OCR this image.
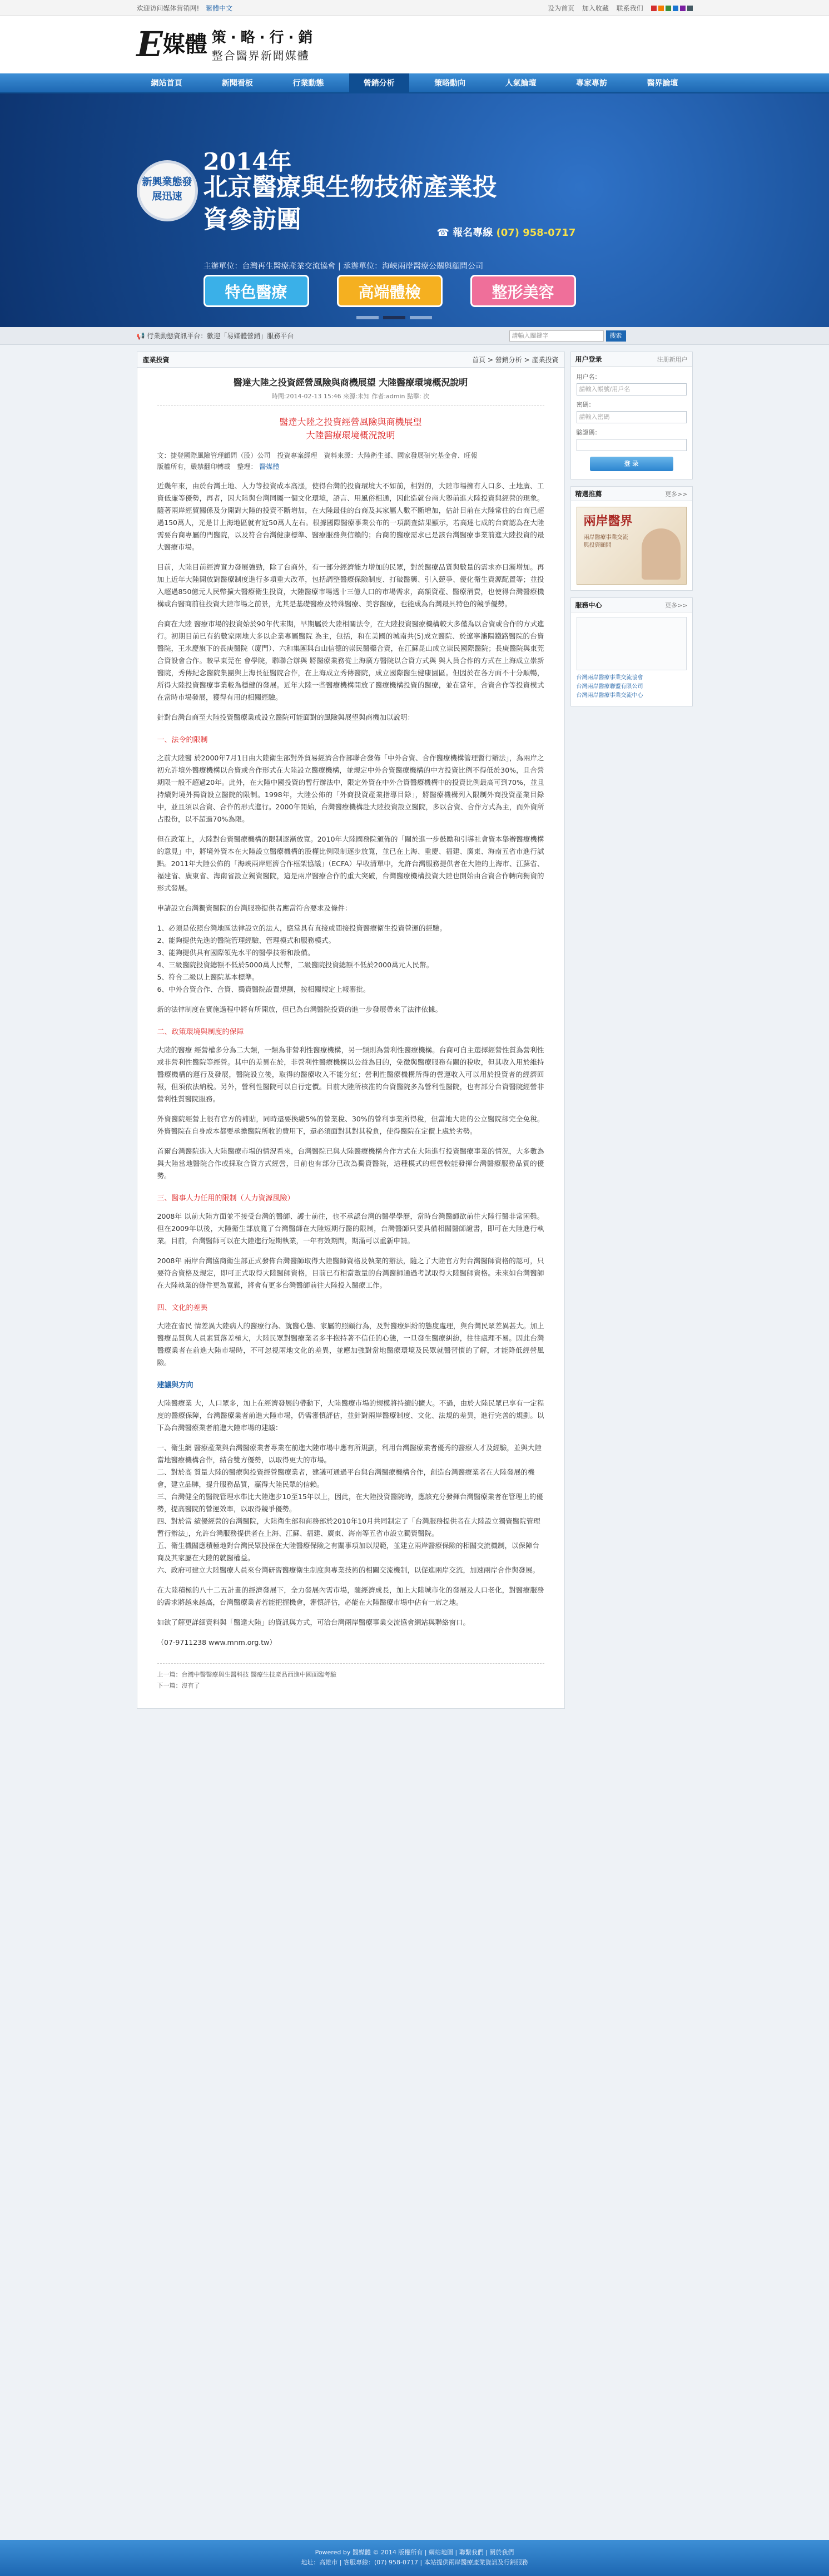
欢迎访问媒体营销网! 繁體中文	设为首页 加入收藏 联系我们
E 媒體 策·略·行·銷
整合醫界新聞媒體
網站首頁	新聞看板	行業動態	營銷分析	策略動向	人氣論壇	專家專訪	醫界論壇
新興業態發展迅速
2014年
北京醫療與生物技術產業投資參訪團	☎ 報名專線 (07) 958-0717
主辦單位：台灣再生醫療產業交流協會 | 承辦單位：海峽兩岸醫療公關與顧問公司
特色醫療	高端體檢	整形美容
📢 行業動態資訊平台：歡迎「易媒體營銷」服務平台	請輸入關鍵字	搜索
產業投資	首頁 > 營銷分析 > 產業投資
醫達大陸之投資經營風險與商機展望 大陸醫療環境概況說明
時間:2014-02-13 15:46 來源:未知 作者:admin 點擊: 次
醫達大陸之投資經營風險與商機展望
大陸醫療環境概況說明
文：捷登國際風險管理顧問（股）公司　投資專案經理　資料來源：大陸衛生部、國家發展研究基金會、旺報
版權所有，嚴禁翻印轉載　整理： 醫媒體

近幾年來，由於台灣土地、人力等投資成本高漲，使得台灣的投資環境大不如前，相對的，大陸市場擁有人口多、土地廣、工資低廉等優勢，再者，因大陸與台灣同屬一個文化環境，語言、用風俗相通，因此造就台商大舉前進大陸投資與經營的現象。隨著兩岸經貿關係及分開對大陸的投資不斷增加，在大陸最佳的台商及其家屬人數不斷增加，估計目前在大陸常住的台商已超過150萬人，光是廿上海地區就有近50萬人左右。根據國際醫療事業公布的一項調查結果顯示，若高達七成的台商認為在大陸需要台商專屬的門醫院，以及符合台灣健康標準、醫療服務與信賴的；台商的醫療需求已是該台灣醫療事業前進大陸投資的最大醫療市場。

目前，大陸目前經濟實力發展強勁，除了台商外，有一部分經濟能力增加的民眾，對於醫療品質與數量的需求亦日漸增加。再加上近年大陸開放對醫療制度進行多項重大改革，包括調整醫療保險制度、打破醫藥、引入競爭、優化衛生資源配置等；並投入超過850億元人民幣擴大醫療衛生投資，大陸醫療市場透十三億人口的市場需求，高額資產、醫療消費，也使得台灣醫療機構或台醫商前往投資大陸市場之前景，尤其是基礎醫療及特殊醫療、美容醫療，也能成為台灣最具特色的競爭優勢。

台商在大陸 醫療市場的投資始於90年代末期，早期屬於大陸相關法令，在大陸投資醫療機構較大多僅為以合資或合作的方式進行。初期目前已有約數家兩地大多以企業專屬醫院 為主，包括，和在美國的城南共(5)成立醫院、於遼寧瀋陽鐵路醫院的台資醫院，王永慶旗下的長庚醫院（廈門）、六和集團與台山信德的崇民醫藥合資，在江蘇昆山成立崇民國際醫院；長庚醫院與東莞合資設會合作。較早東莞在 會學院，聯聯合辦與 將醫療業務從上海廣方醫院以合資方式與 與人員合作的方式在上海成立崇新醫院，秀傳紀念醫院集團與上海長征醫院合作，在上海成立秀傳醫院，成立國際醫生健康園區。但因於在各方面不十分順暢，所得大陸投資醫療事業較為穩健的發展。近年大陸一些醫療機構開放了醫療機構投資的醫療，並在當年，合資合作等投資模式在當時市場發展，獲得有用的相關經驗。

針對台灣台商至大陸投資醫療業或設立醫院可能面對的風險與展望與商機加以說明：

一、法令的限制

之前大陸醫 於2000年7月1日由大陸衛生部對外貿易經濟合作部聯合發佈「中外合資、合作醫療機構管理暫行辦法」，為兩岸之初允許境外醫療機構以合資或合作形式在大陸設立醫療機構，並規定中外合資醫療機構的中方投資比例不得低於30%，且合營期限一般不超過20年。此外，在大陸中國投資的暫行辦法中，限定外資在中外合資醫療機構中的投資比例最高可到70%，並且持續對境外獨資設立醫院的限制。1998年，大陸公佈的「外商投資產業指導目錄」，將醫療機構列入限制外商投資產業目錄中，並且須以合資、合作的形式進行。2000年開始，台灣醫療機構赴大陸投資設立醫院，多以合資、合作方式為主，而外資所占股份，以不超過70%為限。

但在政策上，大陸對台資醫療機構的限制逐漸放寬。2010年大陸國務院頒佈的「關於進一步鼓勵和引導社會資本舉辦醫療機構的意見」中，將境外資本在大陸設立醫療機構的股權比例限制逐步放寬，並已在上海、重慶、福建、廣東、海南五省市進行試點。2011年大陸公佈的「海峽兩岸經濟合作框架協議」（ECFA）早收清單中，允許台灣服務提供者在大陸的上海市、江蘇省、福建省、廣東省、海南省設立獨資醫院，這是兩岸醫療合作的重大突破，台灣醫療機構投資大陸也開始由合資合作轉向獨資的形式發展。

申請設立台灣獨資醫院的台灣服務提供者應當符合要求及條件：

1、必須是依照台灣地區法律設立的法人，應當具有直接或間接投資醫療衛生投資營運的經驗。
2、能夠提供先進的醫院管理經驗、管理模式和服務模式。
3、能夠提供具有國際領先水平的醫學技術和設備。
4、三級醫院投資總額不低於5000萬人民幣，二級醫院投資總額不低於2000萬元人民幣。
5、符合二級以上醫院基本標準。
6、中外合資合作、合資、獨資醫院設置規劃，按相關規定上報審批。

新的法律制度在實施過程中將有所開放，但已為台灣醫院投資的進一步發展帶來了法律依據。

二、政策環境與制度的保障

大陸的醫療 經營權多分為二大類，一類為非營利性醫療機構，另一類則為營利性醫療機構。台商可自主選擇經營性質為營利性或非營利性醫院等經營。其中的差異在於，非營利性醫療機構以公益為目的，免徵與醫療服務有關的稅收，但其收入用於維持醫療機構的運行及發展，醫院設立後，取得的醫療收入不能分紅；營利性醫療機構所得的營運收入可以用於投資者的經濟回報，但須依法納稅。另外，營利性醫院可以自行定價。目前大陸所核准的台資醫院多為營利性醫院，也有部分台資醫院經營非營利性質醫院服務。

外資醫院經營上很有官方的補貼，同時還要換繳5%的營業稅、30%的營利事業所得稅，但當地大陸的公立醫院卻完全免稅。外資醫院在自身成本都要承擔醫院所收的費用下，還必須面對其對其稅負，使得醫院在定價上處於劣勢。

首爾台灣醫院進入大陸醫療市場的情況看來，台灣醫院已與大陸醫療機構合作方式在大陸進行投資醫療事業的情況，大多數為與大陸當地醫院合作或採取合資方式經營，目前也有部分已改為獨資醫院，這種模式的經營較能發揮台灣醫療服務品質的優勢。

三、醫事人力任用的限制（人力資源風險）

2008年 以前大陸方面並不接受台灣的醫師、護士前往，也不承認台灣的醫學學歷，當時台灣醫師欲前往大陸行醫非常困難。但在2009年以後，大陸衛生部放寬了台灣醫師在大陸短期行醫的限制，台灣醫師只要具備相關醫師證書，即可在大陸進行執業。目前，台灣醫師可以在大陸進行短期執業，一年有效期間，期滿可以重新申請。

2008年 兩岸台灣協商衛生部正式發佈台灣醫師取得大陸醫師資格及執業的辦法，隨之了大陸官方對台灣醫師資格的認可，只要符合資格及規定，即可正式取得大陸醫師資格，目前已有相當數量的台灣醫師通過考試取得大陸醫師資格。未來如台灣醫師在大陸執業的條件更為寬鬆，將會有更多台灣醫師前往大陸投入醫療工作。

四、文化的差異

大陸在省民 情差異大陸病人的醫療行為、就醫心態、家屬的照顧行為，及對醫療糾紛的態度處理，與台灣民眾差異甚大。加上醫療品質與人員素質落差極大，大陸民眾對醫療業者多半抱持著不信任的心態，一旦發生醫療糾紛，往往處理不易。因此台灣醫療業者在前進大陸市場時，不可忽視兩地文化的差異，並應加強對當地醫療環境及民眾就醫習慣的了解，才能降低經營風險。

建議與方向

大陸醫療業 大，人口眾多，加上在經濟發展的帶動下，大陸醫療市場的規模將持續的擴大。不過，由於大陸民眾已享有一定程度的醫療保障，台灣醫療業者前進大陸市場，仍需審慎評估，並針對兩岸醫療制度、文化、法規的差異，進行完善的規劃。以下為台灣醫療業者前進大陸市場的建議：

一、衛生網 醫療產業與台灣醫療業者專業在前進大陸市場中應有所規劃，利用台灣醫療業者優秀的醫療人才及經驗，並與大陸當地醫療機構合作，結合雙方優勢，以取得更大的市場。
二、對於高 質量大陸的醫療與投資經營醫療業者，建議可通過平台與台灣醫療機構合作，創造台灣醫療業者在大陸發展的機會，建立品牌，提升服務品質，贏得大陸民眾的信賴。
三、台灣健全的醫院管理水準比大陸進步10至15年以上，因此，在大陸投資醫院時，應該充分發揮台灣醫療業者在管理上的優勢，提高醫院的營運效率，以取得競爭優勢。
四、對於當 績優經營的台灣醫院，大陸衛生部和商務部於2010年10月共同制定了「台灣服務提供者在大陸設立獨資醫院管理暫行辦法」，允許台灣服務提供者在上海、江蘇、福建、廣東、海南等五省市設立獨資醫院。
五、衛生機關應積極地對台灣民眾投保在大陸醫療保險之有關事項加以規範，並建立兩岸醫療保險的相關交流機制，以保障台商及其家屬在大陸的就醫權益。
六、政府可建立大陸醫療人員來台灣研習醫療衛生制度與專業技術的相關交流機制，以促進兩岸交流，加速兩岸合作與發展。

在大陸積極的八十二五計畫的經濟發展下，全力發展內需市場，隨經濟成長，加上大陸城市化的發展及人口老化，對醫療服務的需求將越來越高，台灣醫療業者若能把握機會，審慎評估，必能在大陸醫療市場中佔有一席之地。

如欲了解更詳細資料與「醫達大陸」的資訊與方式，可洽台灣兩岸醫療事業交流協會網站與聯絡窗口。

（07-9711238 www.mnm.org.tw）

上一篇：台灣中醫醫療與生醫科技 醫療生技產品西進中國面臨考驗
下一篇：沒有了
用户登录	注册新用户
用户名：
請輸入帳號/用戶名
密碼：
請輸入密碼
驗證碼：
登 录
精選推薦	更多>>
兩岸醫界
兩岸醫療事業交流與投資顧問
服務中心	更多>>
台灣兩岸醫療事業交流協會
台灣兩岸醫療聯盟有限公司
台灣兩岸醫療事業交流中心
Powered by 醫媒體 © 2014 版權所有 | 網站地圖 | 聯繫我們 | 關於我們
地址：高雄市 | 客服專線：(07) 958-0717 | 本站提供兩岸醫療產業資訊及行銷服務
